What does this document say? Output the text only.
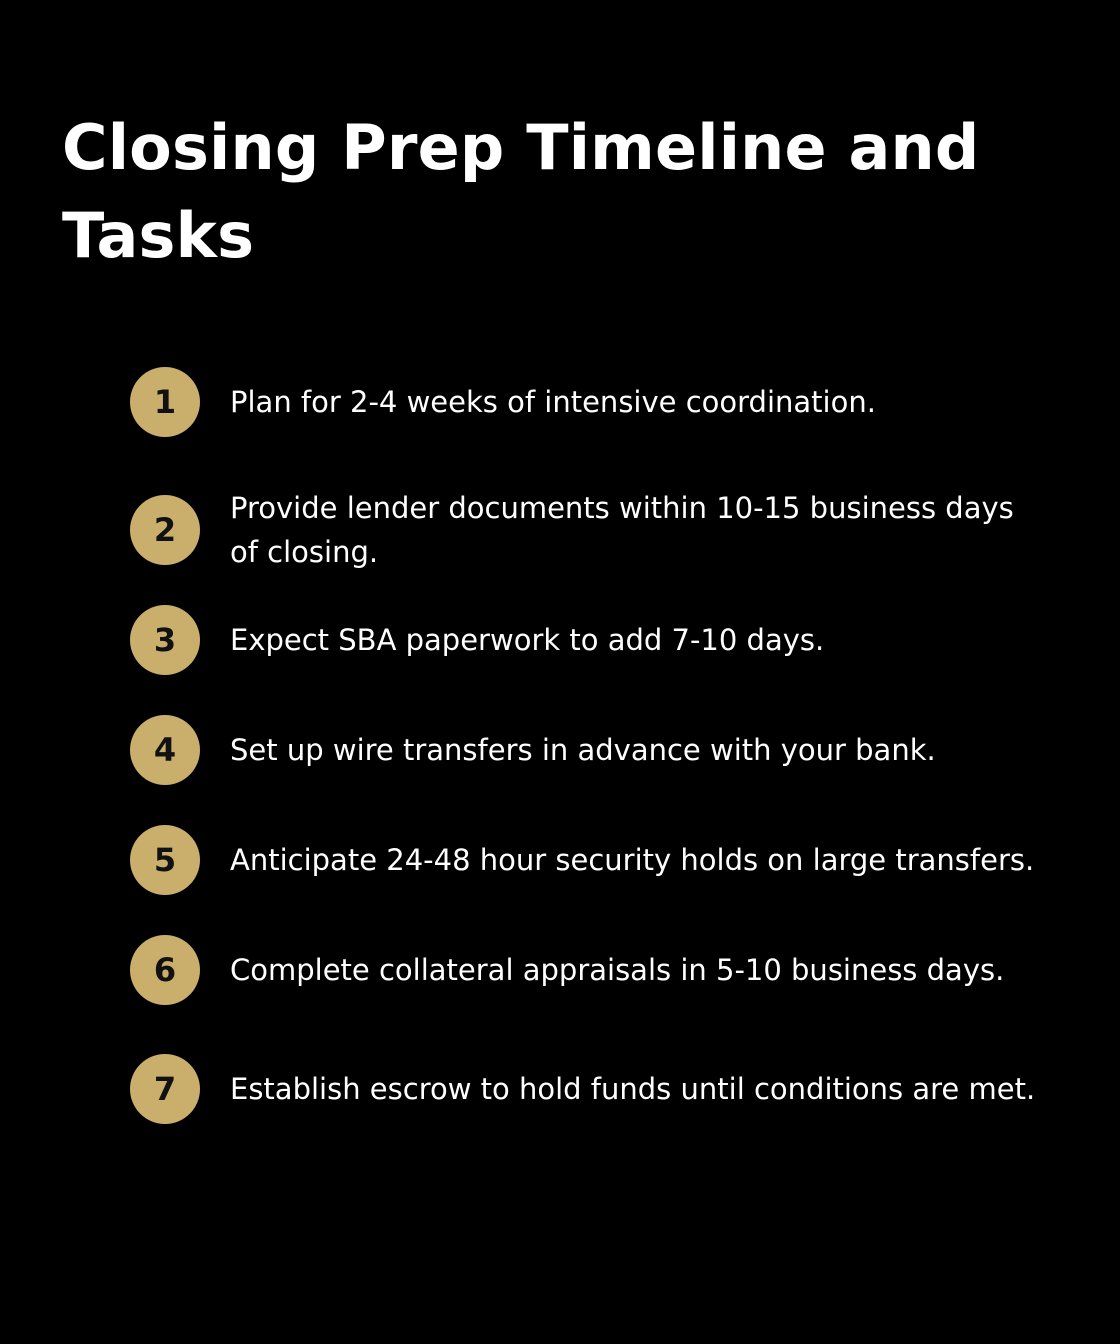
Closing Prep Timeline and Tasks
1	Plan for 2-4 weeks of intensive coordination.
2
Provide lender documents within 10-15 business days of closing.
3	Expect SBA paperwork to add 7-10 days.
4	Set up wire transfers in advance with your bank.
5	Anticipate 24-48 hour security holds on large transfers.
6	Complete collateral appraisals in 5-10 business days.
7	Establish escrow to hold funds until conditions are met.
